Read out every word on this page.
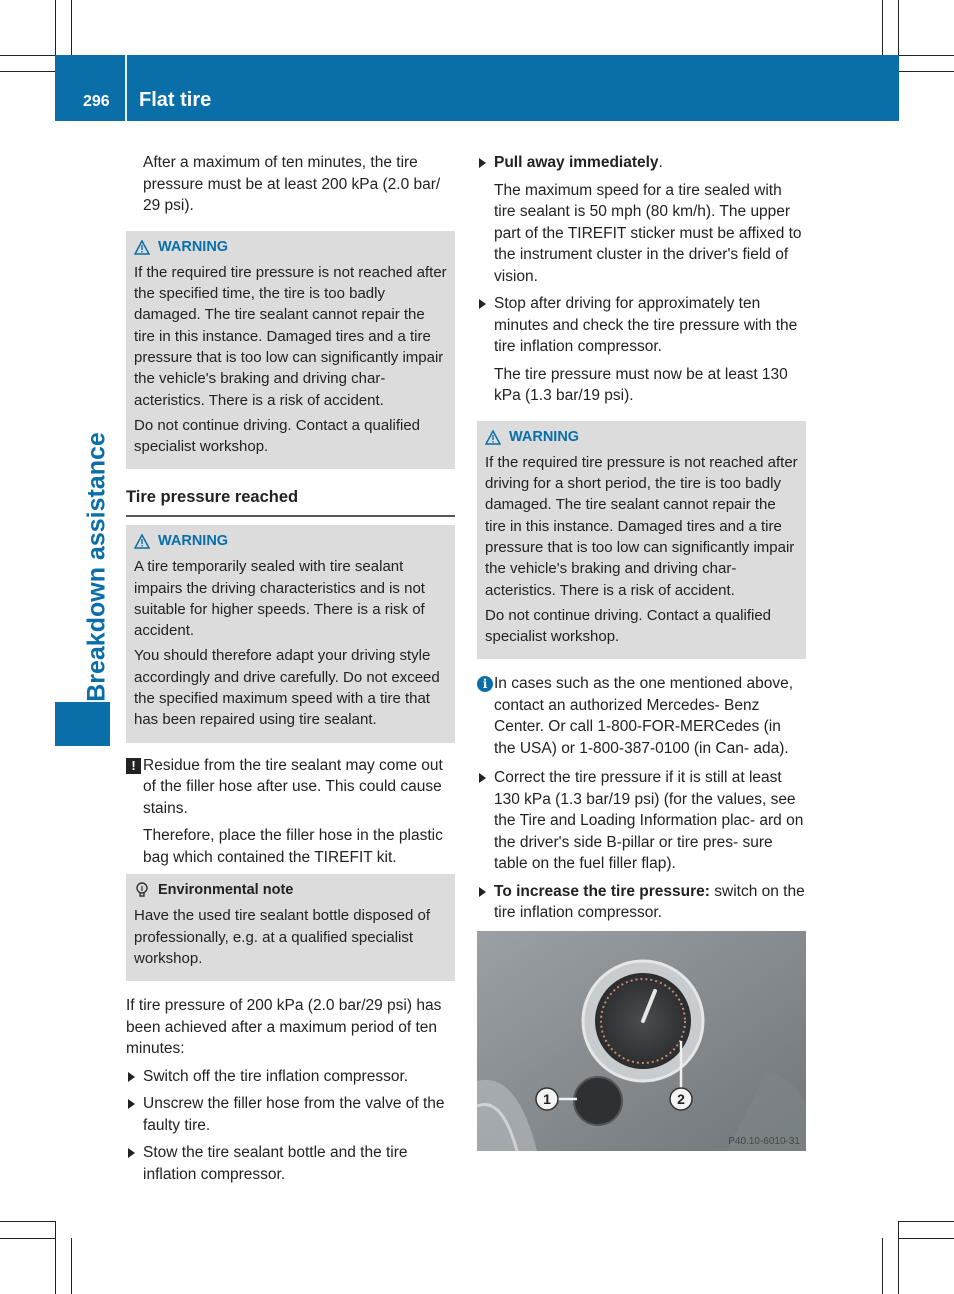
296 Flat tire
Breakdown assistance

After a maximum of ten minutes, the tire pressure must be at least 200 kPa (2.0 bar/ 29 psi).

WARNING

If the required tire pressure is not reached after the specified time, the tire is too badly damaged. The tire sealant cannot repair the tire in this instance. Damaged tires and a tire pressure that is too low can significantly impair the vehicle's braking and driving char- acteristics. There is a risk of accident.

Do not continue driving. Contact a qualified specialist workshop.

Tire pressure reached
WARNING

A tire temporarily sealed with tire sealant impairs the driving characteristics and is not suitable for higher speeds. There is a risk of accident.

You should therefore adapt your driving style accordingly and drive carefully. Do not exceed the specified maximum speed with a tire that has been repaired using tire sealant.

! Residue from the tire sealant may come out of the filler hose after use. This could cause stains.

Therefore, place the filler hose in the plastic bag which contained the TIREFIT kit.

Environmental note

Have the used tire sealant bottle disposed of professionally, e.g. at a qualified specialist workshop.

If tire pressure of 200 kPa (2.0 bar/29 psi) has been achieved after a maximum period of ten minutes:

Switch off the tire inflation compressor.
Unscrew the filler hose from the valve of the faulty tire.
Stow the tire sealant bottle and the tire inflation compressor.
Pull away immediately.

The maximum speed for a tire sealed with tire sealant is 50 mph (80 km/h). The upper part of the TIREFIT sticker must be affixed to the instrument cluster in the driver's field of vision.

Stop after driving for approximately ten minutes and check the tire pressure with the tire inflation compressor.

The tire pressure must now be at least 130 kPa (1.3 bar/19 psi).

WARNING

If the required tire pressure is not reached after driving for a short period, the tire is too badly damaged. The tire sealant cannot repair the tire in this instance. Damaged tires and a tire pressure that is too low can significantly impair the vehicle's braking and driving char- acteristics. There is a risk of accident.

Do not continue driving. Contact a qualified specialist workshop.

i In cases such as the one mentioned above, contact an authorized Mercedes- Benz Center. Or call 1-800-FOR-MERCedes (in the USA) or 1-800-387-0100 (in Can- ada).

Correct the tire pressure if it is still at least 130 kPa (1.3 bar/19 psi) (for the values, see the Tire and Loading Information plac- ard on the driver's side B-pillar or tire pres- sure table on the fuel filler flap).
To increase the tire pressure: switch on the tire inflation compressor.
1	2
P40.10-6010-31
